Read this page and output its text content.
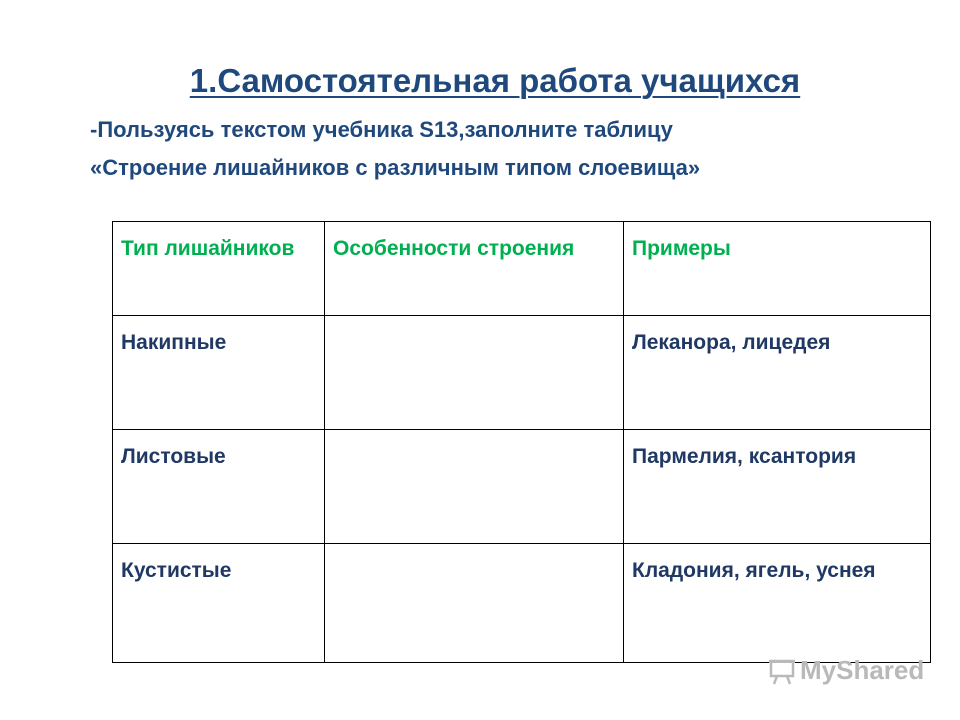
1.Самостоятельная работа учащихся
-Пользуясь текстом учебника S13,заполните таблицу
«Строение лишайников с различным типом слоевища»
Тип лишайников	Особенности строения	Примеры
Накипные		Леканора, лицедея
Листовые		Пармелия, ксантория
Кустистые		Кладония, ягель, уснея
MyShared
